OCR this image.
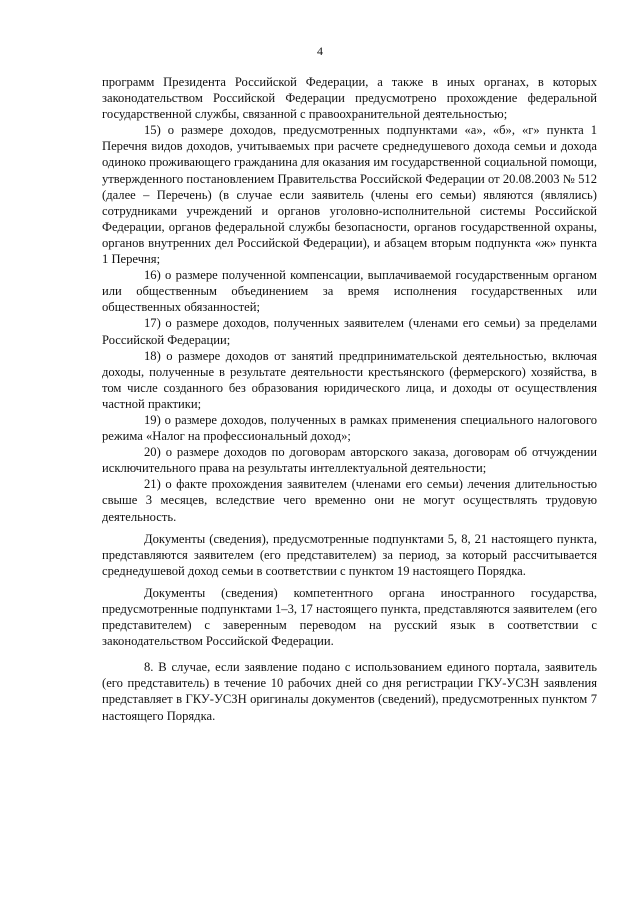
4

программ Президента Российской Федерации, а также в иных органах, в которых законодательством Российской Федерации предусмотрено прохождение федеральной государственной службы, связанной с правоохранительной деятельностью;

15) о размере доходов, предусмотренных подпунктами «а», «б», «г» пункта 1 Перечня видов доходов, учитываемых при расчете среднедушевого дохода семьи и дохода одиноко проживающего гражданина для оказания им государственной социальной помощи, утвержденного постановлением Правительства Российской Федерации от 20.08.2003 № 512 (далее – Перечень) (в случае если заявитель (члены его семьи) являются (являлись) сотрудниками учреждений и органов уголовно-исполнительной системы Российской Федерации, органов федеральной службы безопасности, органов государственной охраны, органов внутренних дел Российской Федерации), и абзацем вторым подпункта «ж» пункта 1 Перечня;

16) о размере полученной компенсации, выплачиваемой государственным органом или общественным объединением за время исполнения государственных или общественных обязанностей;

17) о размере доходов, полученных заявителем (членами его семьи) за пределами Российской Федерации;

18) о размере доходов от занятий предпринимательской деятельностью, включая доходы, полученные в результате деятельности крестьянского (фермерского) хозяйства, в том числе созданного без образования юридического лица, и доходы от осуществления частной практики;

19) о размере доходов, полученных в рамках применения специального налогового режима «Налог на профессиональный доход»;

20) о размере доходов по договорам авторского заказа, договорам об отчуждении исключительного права на результаты интеллектуальной деятельности;

21) о факте прохождения заявителем (членами его семьи) лечения длительностью свыше 3 месяцев, вследствие чего временно они не могут осуществлять трудовую деятельность.

Документы (сведения), предусмотренные подпунктами 5, 8, 21 настоящего пункта, представляются заявителем (его представителем) за период, за который рассчитывается среднедушевой доход семьи в соответствии с пунктом 19 настоящего Порядка.

Документы (сведения) компетентного органа иностранного государства, предусмотренные подпунктами 1–3, 17 настоящего пункта, представляются заявителем (его представителем) с заверенным переводом на русский язык в соответствии с законодательством Российской Федерации.

8. В случае, если заявление подано с использованием единого портала, заявитель (его представитель) в течение 10 рабочих дней со дня регистрации ГКУ-УСЗН заявления представляет в ГКУ-УСЗН оригиналы документов (сведений), предусмотренных пунктом 7 настоящего Порядка.
